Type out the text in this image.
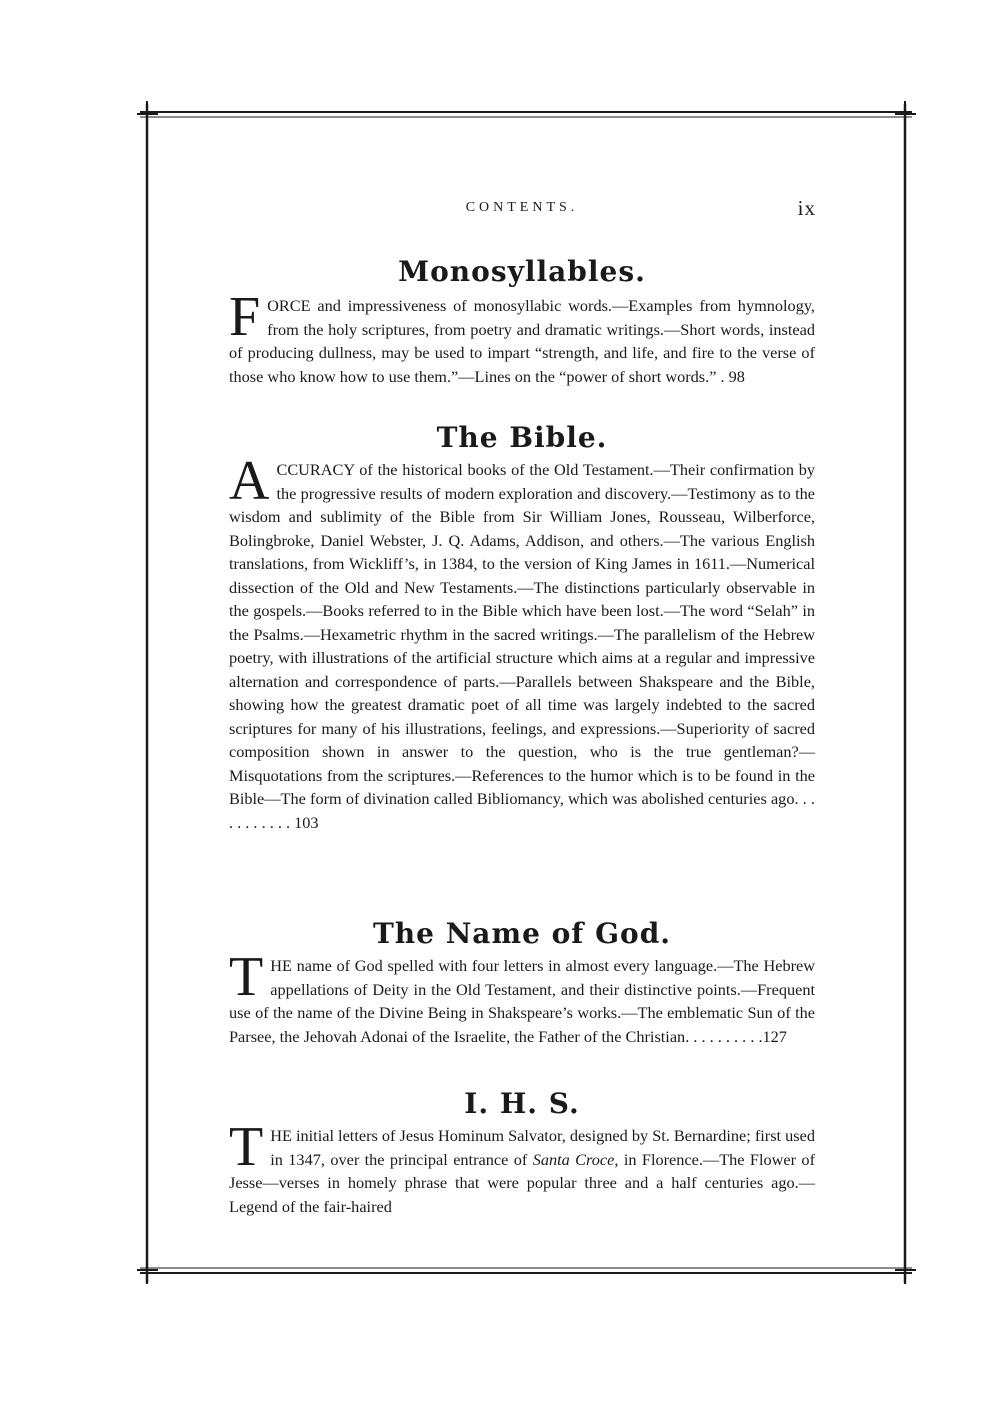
CONTENTS.	ix
Monosyllables.
FORCE and impressiveness of monosyllabic words.—Examples from hymnology, from the holy scriptures, from poetry and dramatic writings.—Short words, instead of producing dullness, may be used to impart “strength, and life, and fire to the verse of those who know how to use them.”—Lines on the “power of short words.” . 98
The Bible.
ACCURACY of the historical books of the Old Testament.—Their confirmation by the progressive results of modern exploration and discovery.—Testimony as to the wisdom and sublimity of the Bible from Sir William Jones, Rousseau, Wilberforce, Bolingbroke, Daniel Webster, J. Q. Adams, Addison, and others.—The various English translations, from Wickliff’s, in 1384, to the version of King James in 1611.—Numerical dissection of the Old and New Testaments.—The distinctions particularly observable in the gospels.—Books referred to in the Bible which have been lost.—The word “Selah” in the Psalms.—Hexametric rhythm in the sacred writings.—The parallelism of the Hebrew poetry, with illustrations of the artificial structure which aims at a regular and impressive alternation and correspondence of parts.—Parallels between Shakspeare and the Bible, showing how the greatest dramatic poet of all time was largely indebted to the sacred scriptures for many of his illustrations, feelings, and expressions.—Superiority of sacred composition shown in answer to the question, who is the true gentleman?—Misquotations from the scriptures.—References to the humor which is to be found in the Bible—The form of divination called Bibliomancy, which was abolished centuries ago. . . . . . . . . . . 103
The Name of God.
THE name of God spelled with four letters in almost every language.—The Hebrew appellations of Deity in the Old Testament, and their distinctive points.—Frequent use of the name of the Divine Being in Shakspeare’s works.—The emblematic Sun of the Parsee, the Jehovah Adonai of the Israelite, the Father of the Christian. . . . . . . . . .127
I. H. S.
THE initial letters of Jesus Hominum Salvator, designed by St. Bernardine; first used in 1347, over the principal entrance of Santa Croce, in Florence.—The Flower of Jesse—verses in homely phrase that were popular three and a half centuries ago.—Legend of the fair-haired
